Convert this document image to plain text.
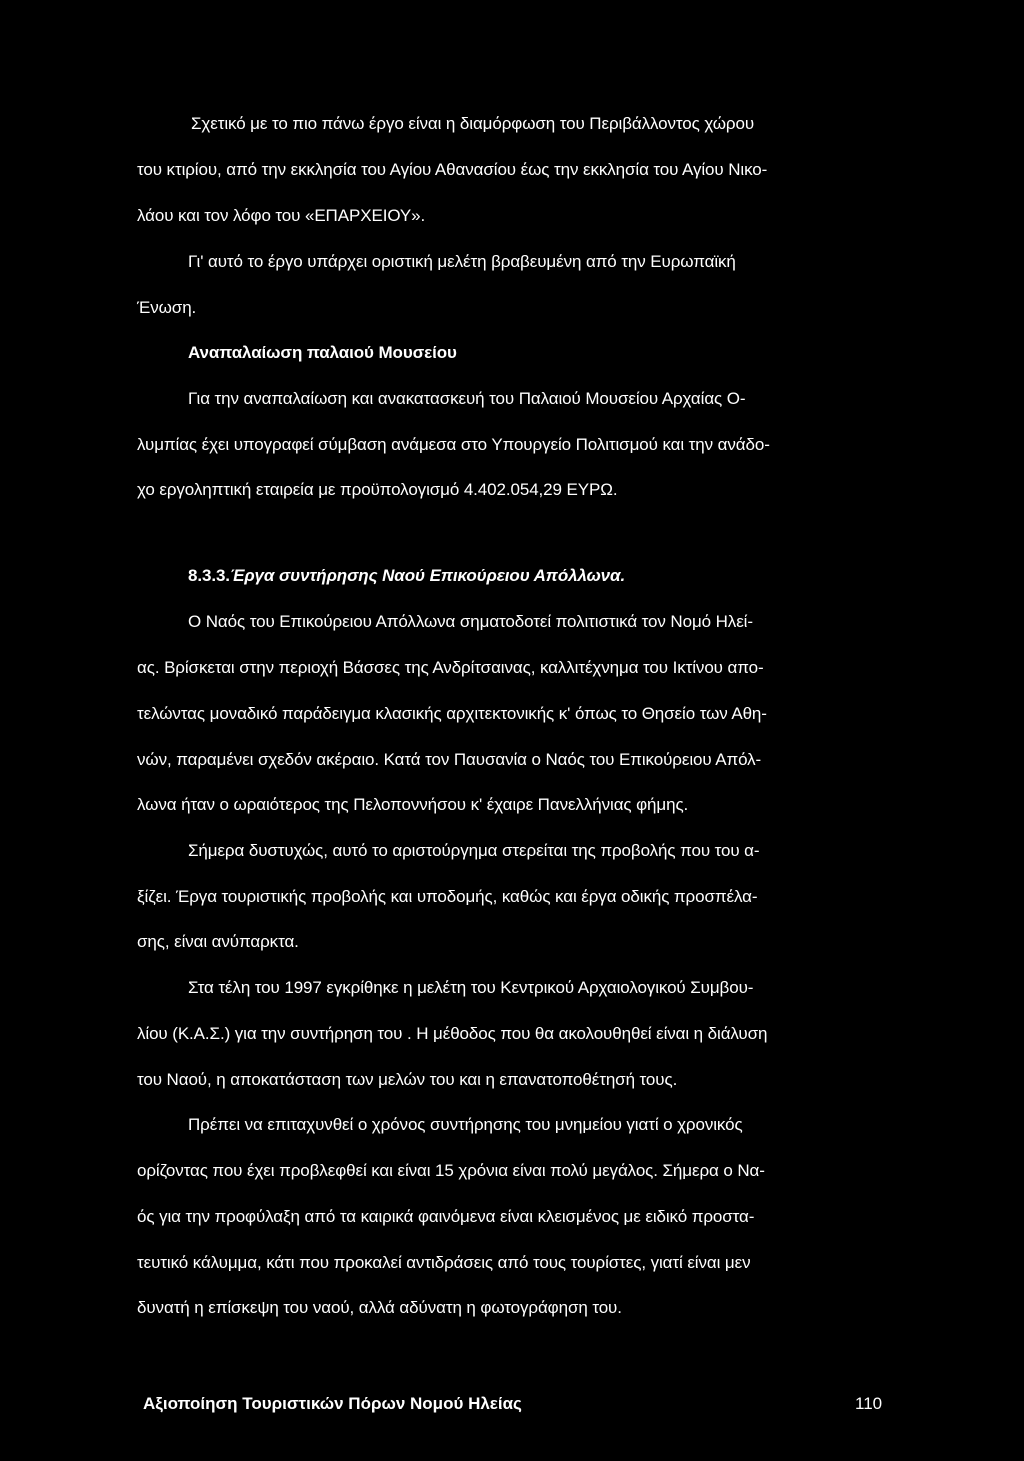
Σχετικό με το πιο πάνω έργο είναι η διαμόρφωση του Περιβάλλοντος χώρου
του κτιρίου, από την εκκλησία του Αγίου Αθανασίου έως την εκκλησία του Αγίου Νικο-
λάου και τον λόφο του «ΕΠΑΡΧΕΙΟΥ».
Γι' αυτό το έργο υπάρχει οριστική μελέτη βραβευμένη από την Ευρωπαϊκή
Ένωση.
Αναπαλαίωση παλαιού Μουσείου
Για την αναπαλαίωση και ανακατασκευή του Παλαιού Μουσείου Αρχαίας Ο-
λυμπίας έχει υπογραφεί σύμβαση ανάμεσα στο Υπουργείο Πολιτισμού και την ανάδο-
χο εργοληπτική εταιρεία με προϋπολογισμό 4.402.054,29 ΕΥΡΩ.
8.3.3.Έργα συντήρησης Ναού Επικούρειου Απόλλωνα.
Ο Ναός του Επικούρειου Απόλλωνα σηματοδοτεί πολιτιστικά τον Νομό Ηλεί-
ας. Βρίσκεται στην περιοχή Βάσσες της Ανδρίτσαινας, καλλιτέχνημα του Ικτίνου απο-
τελώντας μοναδικό παράδειγμα κλασικής αρχιτεκτονικής κ' όπως το Θησείο των Αθη-
νών, παραμένει σχεδόν ακέραιο. Κατά τον Παυσανία ο Ναός του Επικούρειου Απόλ-
λωνα ήταν ο ωραιότερος της Πελοποννήσου κ' έχαιρε Πανελλήνιας φήμης.
Σήμερα δυστυχώς, αυτό το αριστούργημα στερείται της προβολής που του α-
ξίζει. Έργα τουριστικής προβολής και υποδομής, καθώς και έργα οδικής προσπέλα-
σης, είναι ανύπαρκτα.
Στα τέλη του 1997 εγκρίθηκε η μελέτη του Κεντρικού Αρχαιολογικού Συμβου-
λίου (Κ.Α.Σ.) για την συντήρηση του . Η μέθοδος που θα ακολουθηθεί είναι η διάλυση
του Ναού, η αποκατάσταση των μελών του και η επανατοποθέτησή τους.
Πρέπει να επιταχυνθεί ο χρόνος συντήρησης του μνημείου γιατί ο χρονικός
ορίζοντας που έχει προβλεφθεί και είναι 15 χρόνια είναι πολύ μεγάλος. Σήμερα ο Να-
ός για την προφύλαξη από τα καιρικά φαινόμενα είναι κλεισμένος με ειδικό προστα-
τευτικό κάλυμμα, κάτι που προκαλεί αντιδράσεις από τους τουρίστες, γιατί είναι μεν
δυνατή η επίσκεψη του ναού, αλλά αδύνατη η φωτογράφηση του.
Αξιοποίηση Τουριστικών Πόρων Νομού Ηλείας	110
